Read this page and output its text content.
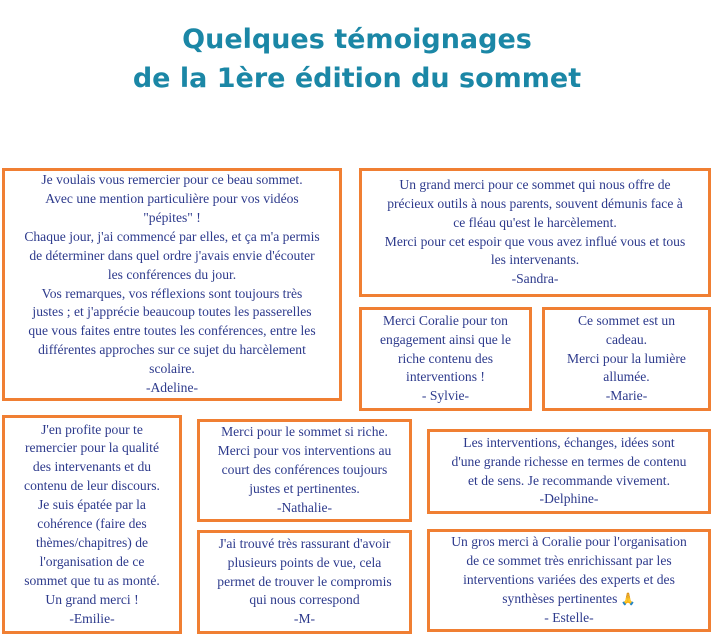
Quelques témoignages
de la 1ère édition du sommet
Je voulais vous remercier pour ce beau sommet.
Avec une mention particulière pour vos vidéos
"pépites" !
Chaque jour, j'ai commencé par elles, et ça m'a permis
de déterminer dans quel ordre j'avais envie d'écouter
les conférences du jour.
Vos remarques, vos réflexions sont toujours très
justes ; et j'apprécie beaucoup toutes les passerelles
que vous faites entre toutes les conférences, entre les
différentes approches sur ce sujet du harcèlement
scolaire.
-Adeline-
Un grand merci pour ce sommet qui nous offre de
précieux outils à nous parents, souvent démunis face à
ce fléau qu'est le harcèlement.
Merci pour cet espoir que vous avez influé vous et tous
les intervenants.
-Sandra-
Merci Coralie pour ton
engagement ainsi que le
riche contenu des
interventions !
- Sylvie-
Ce sommet est un
cadeau.
Merci pour la lumière
allumée.
-Marie-
J'en profite pour te
remercier pour la qualité
des intervenants et du
contenu de leur discours.
Je suis épatée par la
cohérence (faire des
thèmes/chapitres) de
l'organisation de ce
sommet que tu as monté.
Un grand merci !
-Emilie-
Merci pour le sommet si riche.
Merci pour vos interventions au
court des conférences toujours
justes et pertinentes.
-Nathalie-
J'ai trouvé très rassurant d'avoir
plusieurs points de vue, cela
permet de trouver le compromis
qui nous correspond
-M-
Les interventions, échanges, idées sont
d'une grande richesse en termes de contenu
et de sens. Je recommande vivement.
-Delphine-
Un gros merci à Coralie pour l'organisation
de ce sommet très enrichissant par les
interventions variées des experts et des
synthèses pertinentes 🙏
- Estelle-
